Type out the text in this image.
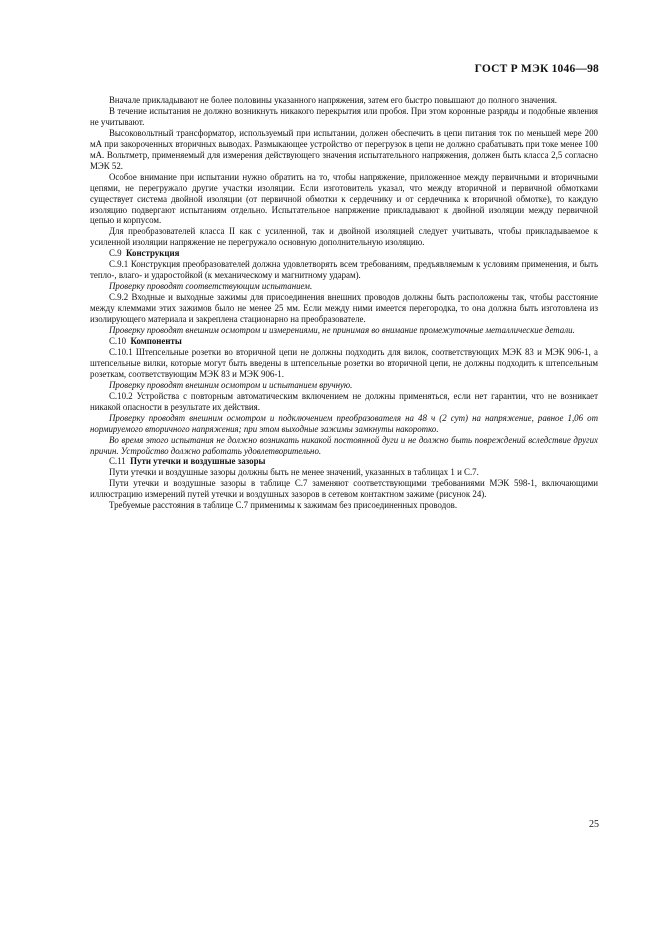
ГОСТ Р МЭК 1046—98

Вначале прикладывают не более половины указанного напряжения, затем его быстро повышают до полного значения.

В течение испытания не должно возникнуть никакого перекрытия или пробоя. При этом коронные разряды и подобные явления не учитывают.

Высоковольтный трансформатор, используемый при испытании, должен обеспечить в цепи питания ток по меньшей мере 200 мА при закороченных вторичных выводах. Размыкающее устройство от перегрузок в цепи не должно срабатывать при токе менее 100 мА. Вольтметр, применяемый для измерения действующего значения испытательного напряжения, должен быть класса 2,5 согласно МЭК 52.

Особое внимание при испытании нужно обратить на то, чтобы напряжение, приложенное между первичными и вторичными цепями, не перегружало другие участки изоляции. Если изготовитель указал, что между вторичной и первичной обмотками существует система двойной изоляции (от первичной обмотки к сердечнику и от сердечника к вторичной обмотке), то каждую изоляцию подвергают испытаниям отдельно. Испытательное напряжение прикладывают к двойной изоляции между первичной цепью и корпусом.

Для преобразователей класса II как с усиленной, так и двойной изоляцией следует учитывать, чтобы прикладываемое к усиленной изоляции напряжение не перегружало основную дополнительную изоляцию.

С.9 Конструкция

С.9.1 Конструкция преобразователей должна удовлетворять всем требованиям, предъявляемым к условиям применения, и быть тепло-, влаго- и ударостойкой (к механическому и магнитному ударам).

Проверку проводят соответствующим испытанием.

С.9.2 Входные и выходные зажимы для присоединения внешних проводов должны быть расположены так, чтобы расстояние между клеммами этих зажимов было не менее 25 мм. Если между ними имеется перегородка, то она должна быть изготовлена из изолирующего материала и закреплена стационарно на преобразователе.

Проверку проводят внешним осмотром и измерениями, не принимая во внимание промежуточные металлические детали.

С.10 Компоненты

С.10.1 Штепсельные розетки во вторичной цепи не должны подходить для вилок, соответствующих МЭК 83 и МЭК 906-1, а штепсельные вилки, которые могут быть введены в штепсельные розетки во вторичной цепи, не должны подходить к штепсельным розеткам, соответствующим МЭК 83 и МЭК 906-1.

Проверку проводят внешним осмотром и испытанием вручную.

С.10.2 Устройства с повторным автоматическим включением не должны применяться, если нет гарантии, что не возникает никакой опасности в результате их действия.

Проверку проводят внешним осмотром и подключением преобразователя на 48 ч (2 сут) на напряжение, равное 1,06 от нормируемого вторичного напряжения; при этом выходные зажимы замкнуты накоротко.

Во время этого испытания не должно возникать никакой постоянной дуги и не должно быть повреждений вследствие других причин. Устройство должно работать удовлетворительно.

С.11 Пути утечки и воздушные зазоры

Пути утечки и воздушные зазоры должны быть не менее значений, указанных в таблицах 1 и С.7.

Пути утечки и воздушные зазоры в таблице С.7 заменяют соответствующими требованиями МЭК 598-1, включающими иллюстрацию измерений путей утечки и воздушных зазоров в сетевом контактном зажиме (рисунок 24).

Требуемые расстояния в таблице С.7 применимы к зажимам без присоединенных проводов.

25
